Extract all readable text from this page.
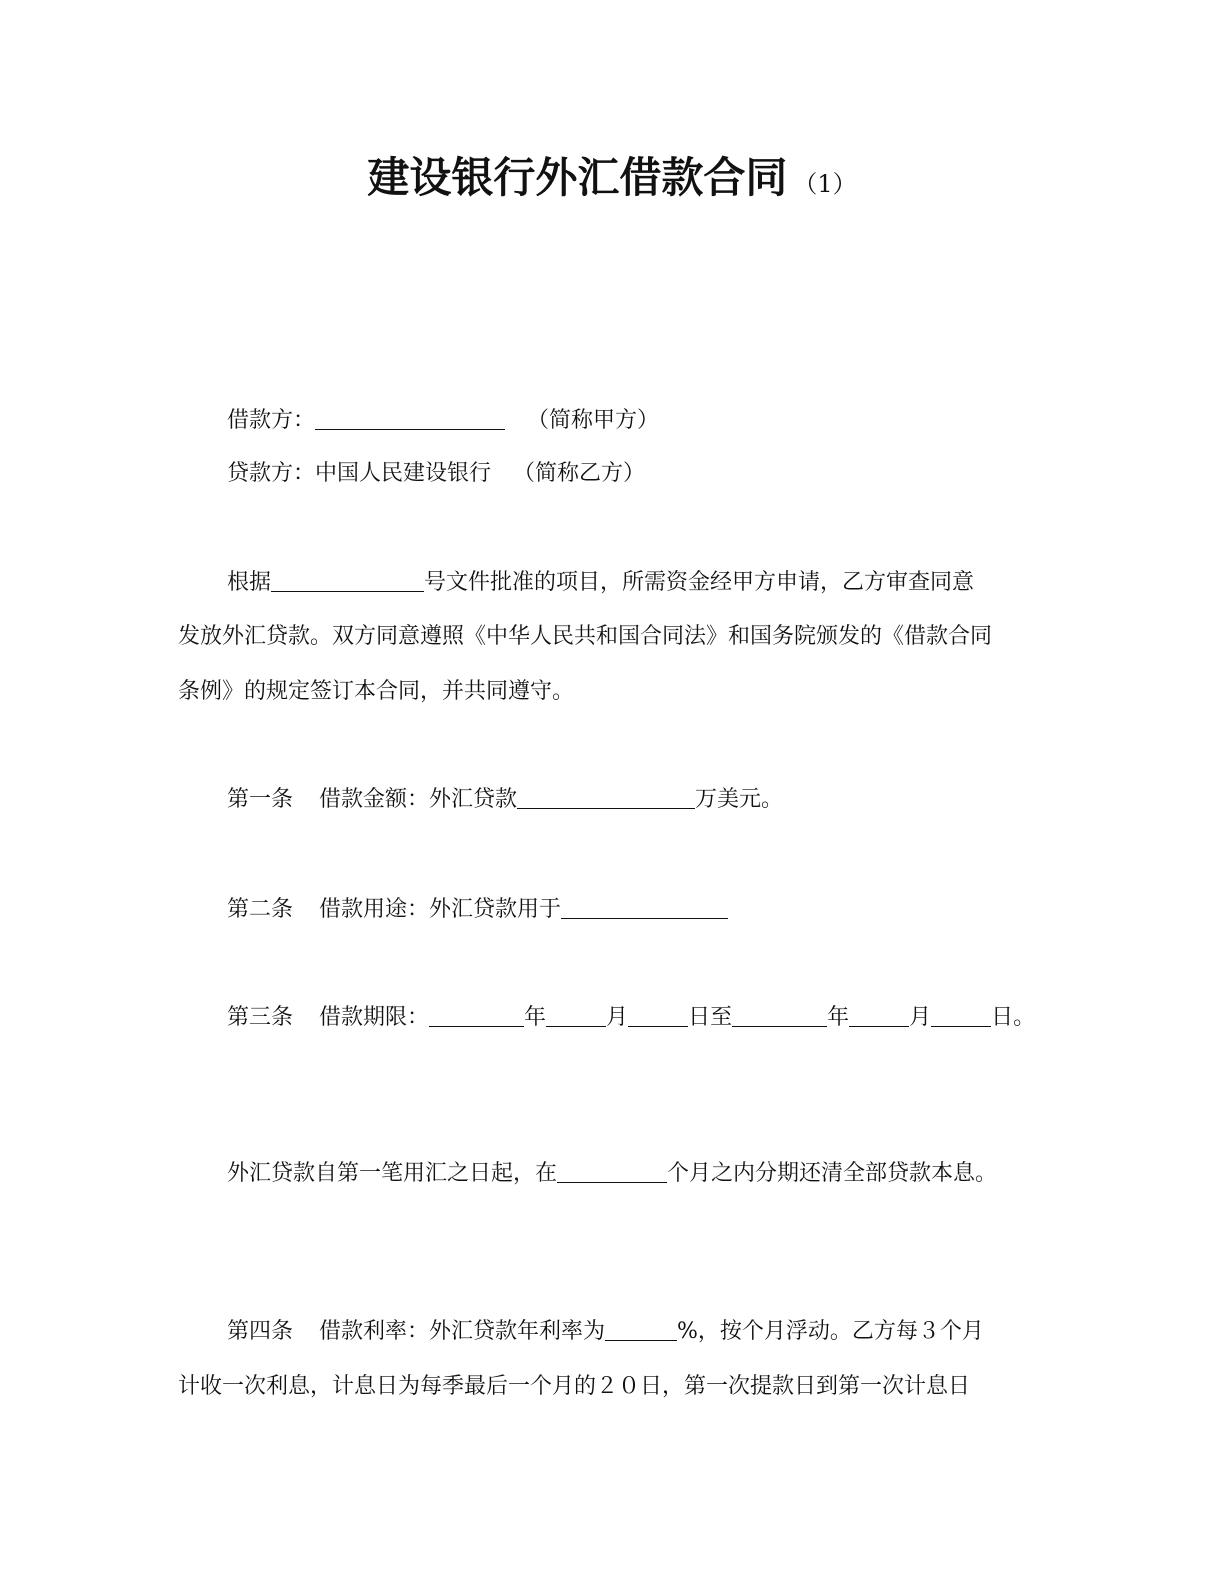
建设银行外汇借款合同 （1）
借款方：	（简称甲方）
贷款方：中国人民建设银行 （简称乙方）
根据	号文件批准的项目，所需资金经甲方申请，乙方审查同意
发放外汇贷款。双方同意遵照《中华人民共和国合同法》和国务院颁发的《借款合同
条例》的规定签订本合同，并共同遵守。
第一条 借款金额：外汇贷款	万美元。
第二条 借款用途：外汇贷款用于
第三条 借款期限：	年	月	日至	年	月	日。
外汇贷款自第一笔用汇之日起，在	个月之内分期还清全部贷款本息。
第四条 借款利率：外汇贷款年利率为	%，按个月浮动。乙方每３个月
计收一次利息，计息日为每季最后一个月的２０日，第一次提款日到第一次计息日
